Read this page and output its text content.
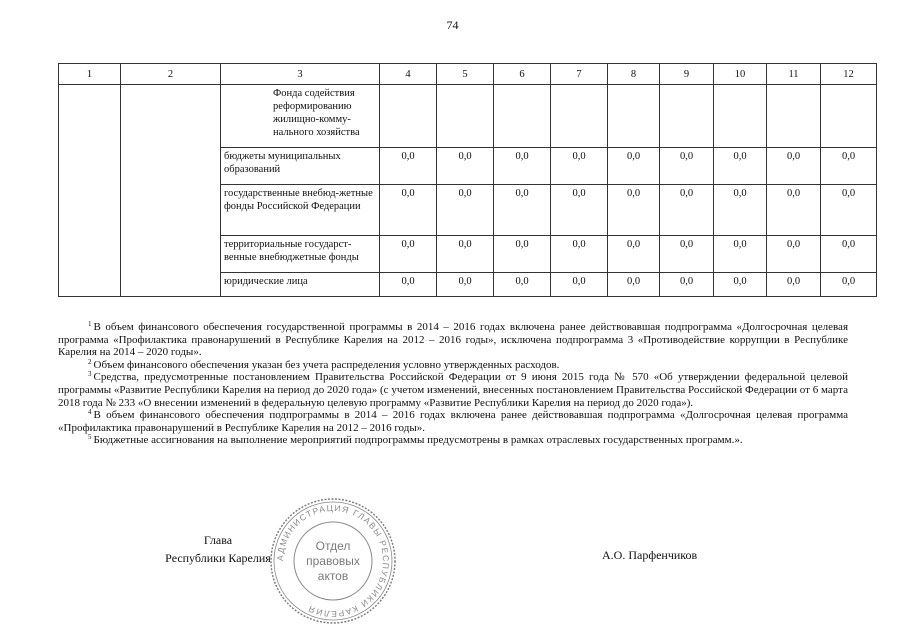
74
1	2	3	4	5	6	7	8	9	10	11	12
		Фонда содействия реформированию жилищно-комму-нального хозяйства									
		бюджеты муниципальных образований	0,0	0,0	0,0	0,0	0,0	0,0	0,0	0,0	0,0
		государственные внебюд-жетные фонды Российской Федерации	0,0	0,0	0,0	0,0	0,0	0,0	0,0	0,0	0,0
		территориальные государст-венные внебюджетные фонды	0,0	0,0	0,0	0,0	0,0	0,0	0,0	0,0	0,0
		юридические лица	0,0	0,0	0,0	0,0	0,0	0,0	0,0	0,0	0,0

$^1$ В объем финансового обеспечения государственной программы в 2014 – 2016 годах включена ранее действовавшая подпрограмма «Долгосрочная целевая программа «Профилактика правонарушений в Республике Карелия на 2012 – 2016 годы», исключена подпрограмма 3 «Противодействие коррупции в Республике Карелия на 2014 – 2020 годы».

$^2$ Объем финансового обеспечения указан без учета распределения условно утвержденных расходов.

$^3$ Средства, предусмотренные постановлением Правительства Российской Федерации от 9 июня 2015 года № 570 «Об утверждении федеральной целевой программы «Развитие Республики Карелия на период до 2020 года» (с учетом изменений, внесенных постановлением Правительства Российской Федерации от 6 марта 2018 года № 233 «О внесении изменений в федеральную целевую программу «Развитие Республики Карелия на период до 2020 года»).

$^4$ В объем финансового обеспечения подпрограммы в 2014 – 2016 годах включена ранее действовавшая подпрограмма «Долгосрочная целевая программа «Профилактика правонарушений в Республике Карелия на 2012 – 2016 годы».

$^5$ Бюджетные ассигнования на выполнение мероприятий подпрограммы предусмотрены в рамках отраслевых государственных программ.».

Глава
Республики Карелия АДМИНИСТРАЦИЯ ГЛАВЫ РЕСПУБЛИКИ КАРЕЛИЯ
Отдел
правовых
актов
А.О. Парфенчиков
